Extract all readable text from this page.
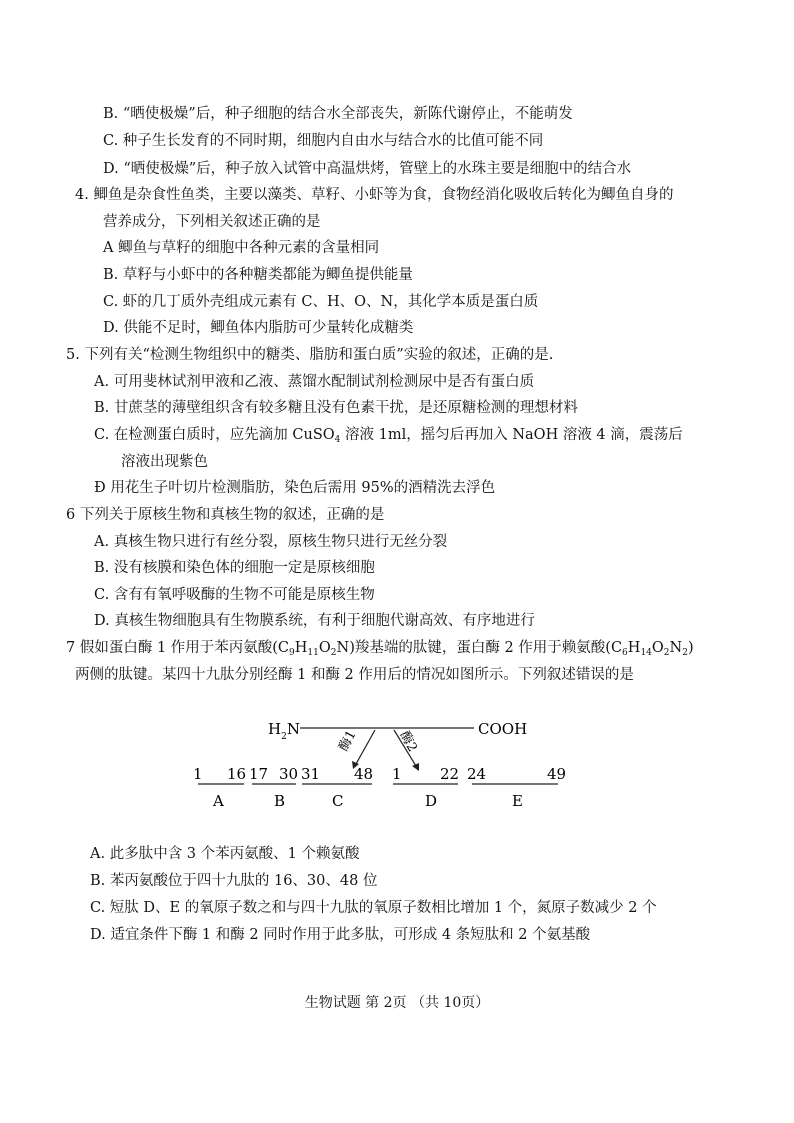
B. “晒使极燥”后，种子细胞的结合水全部丧失，新陈代谢停止，不能萌发
C. 种子生长发育的不同时期，细胞内自由水与结合水的比值可能不同
D. “晒使极燥”后，种子放入试管中高温烘烤，管壁上的水珠主要是细胞中的结合水
4. 鲫鱼是杂食性鱼类，主要以藻类、草籽、小虾等为食，食物经消化吸收后转化为鲫鱼自身的
营养成分，下列相关叙述正确的是
A 鲫鱼与草籽的细胞中各种元素的含量相同
B. 草籽与小虾中的各种糖类都能为鲫鱼提供能量
C. 虾的几丁质外壳组成元素有 C、H、O、N，其化学本质是蛋白质
D. 供能不足时，鲫鱼体内脂肪可少量转化成糖类
5. 下列有关“检测生物组织中的糖类、脂肪和蛋白质”实验的叙述，正确的是.
A. 可用斐林试剂甲液和乙液、蒸馏水配制试剂检测尿中是否有蛋白质
B. 甘蔗茎的薄壁组织含有较多糖且没有色素干扰，是还原糖检测的理想材料
C. 在检测蛋白质时，应先滴加 CuSO$_4$ 溶液 1ml，摇匀后再加入 NaOH 溶液 4 滴，震荡后
溶液出现紫色
Đ 用花生子叶切片检测脂肪，染色后需用 95%的酒精洗去浮色
6 下列关于原核生物和真核生物的叙述，正确的是
A. 真核生物只进行有丝分裂，原核生物只进行无丝分裂
B. 没有核膜和染色体的细胞一定是原核细胞
C. 含有有氧呼吸酶的生物不可能是原核生物
D. 真核生物细胞具有生物膜系统，有利于细胞代谢高效、有序地进行
7 假如蛋白酶 1 作用于苯丙氨酸$(C_9H_{11}O_2N)$羧基端的肽键，蛋白酶 2 作用于赖氨酸$(C_6H_{14}O_2N_2)$
两侧的肽键。某四十九肽分别经酶 1 和酶 2 作用后的情况如图所示。下列叙述错误的是
$H_2N$	COOH
酶1	酶2
1 16 17 30 31 48 1	22 24	49
A	B	C	D	E
A. 此多肽中含 3 个苯丙氨酸、1 个赖氨酸
B. 苯丙氨酸位于四十九肽的 16、30、48 位
C. 短肽 D、E 的氧原子数之和与四十九肽的氧原子数相比增加 1 个，氮原子数减少 2 个
D. 适宜条件下酶 1 和酶 2 同时作用于此多肽，可形成 4 条短肽和 2 个氨基酸
生物试题 第 2页 （共 10页）
